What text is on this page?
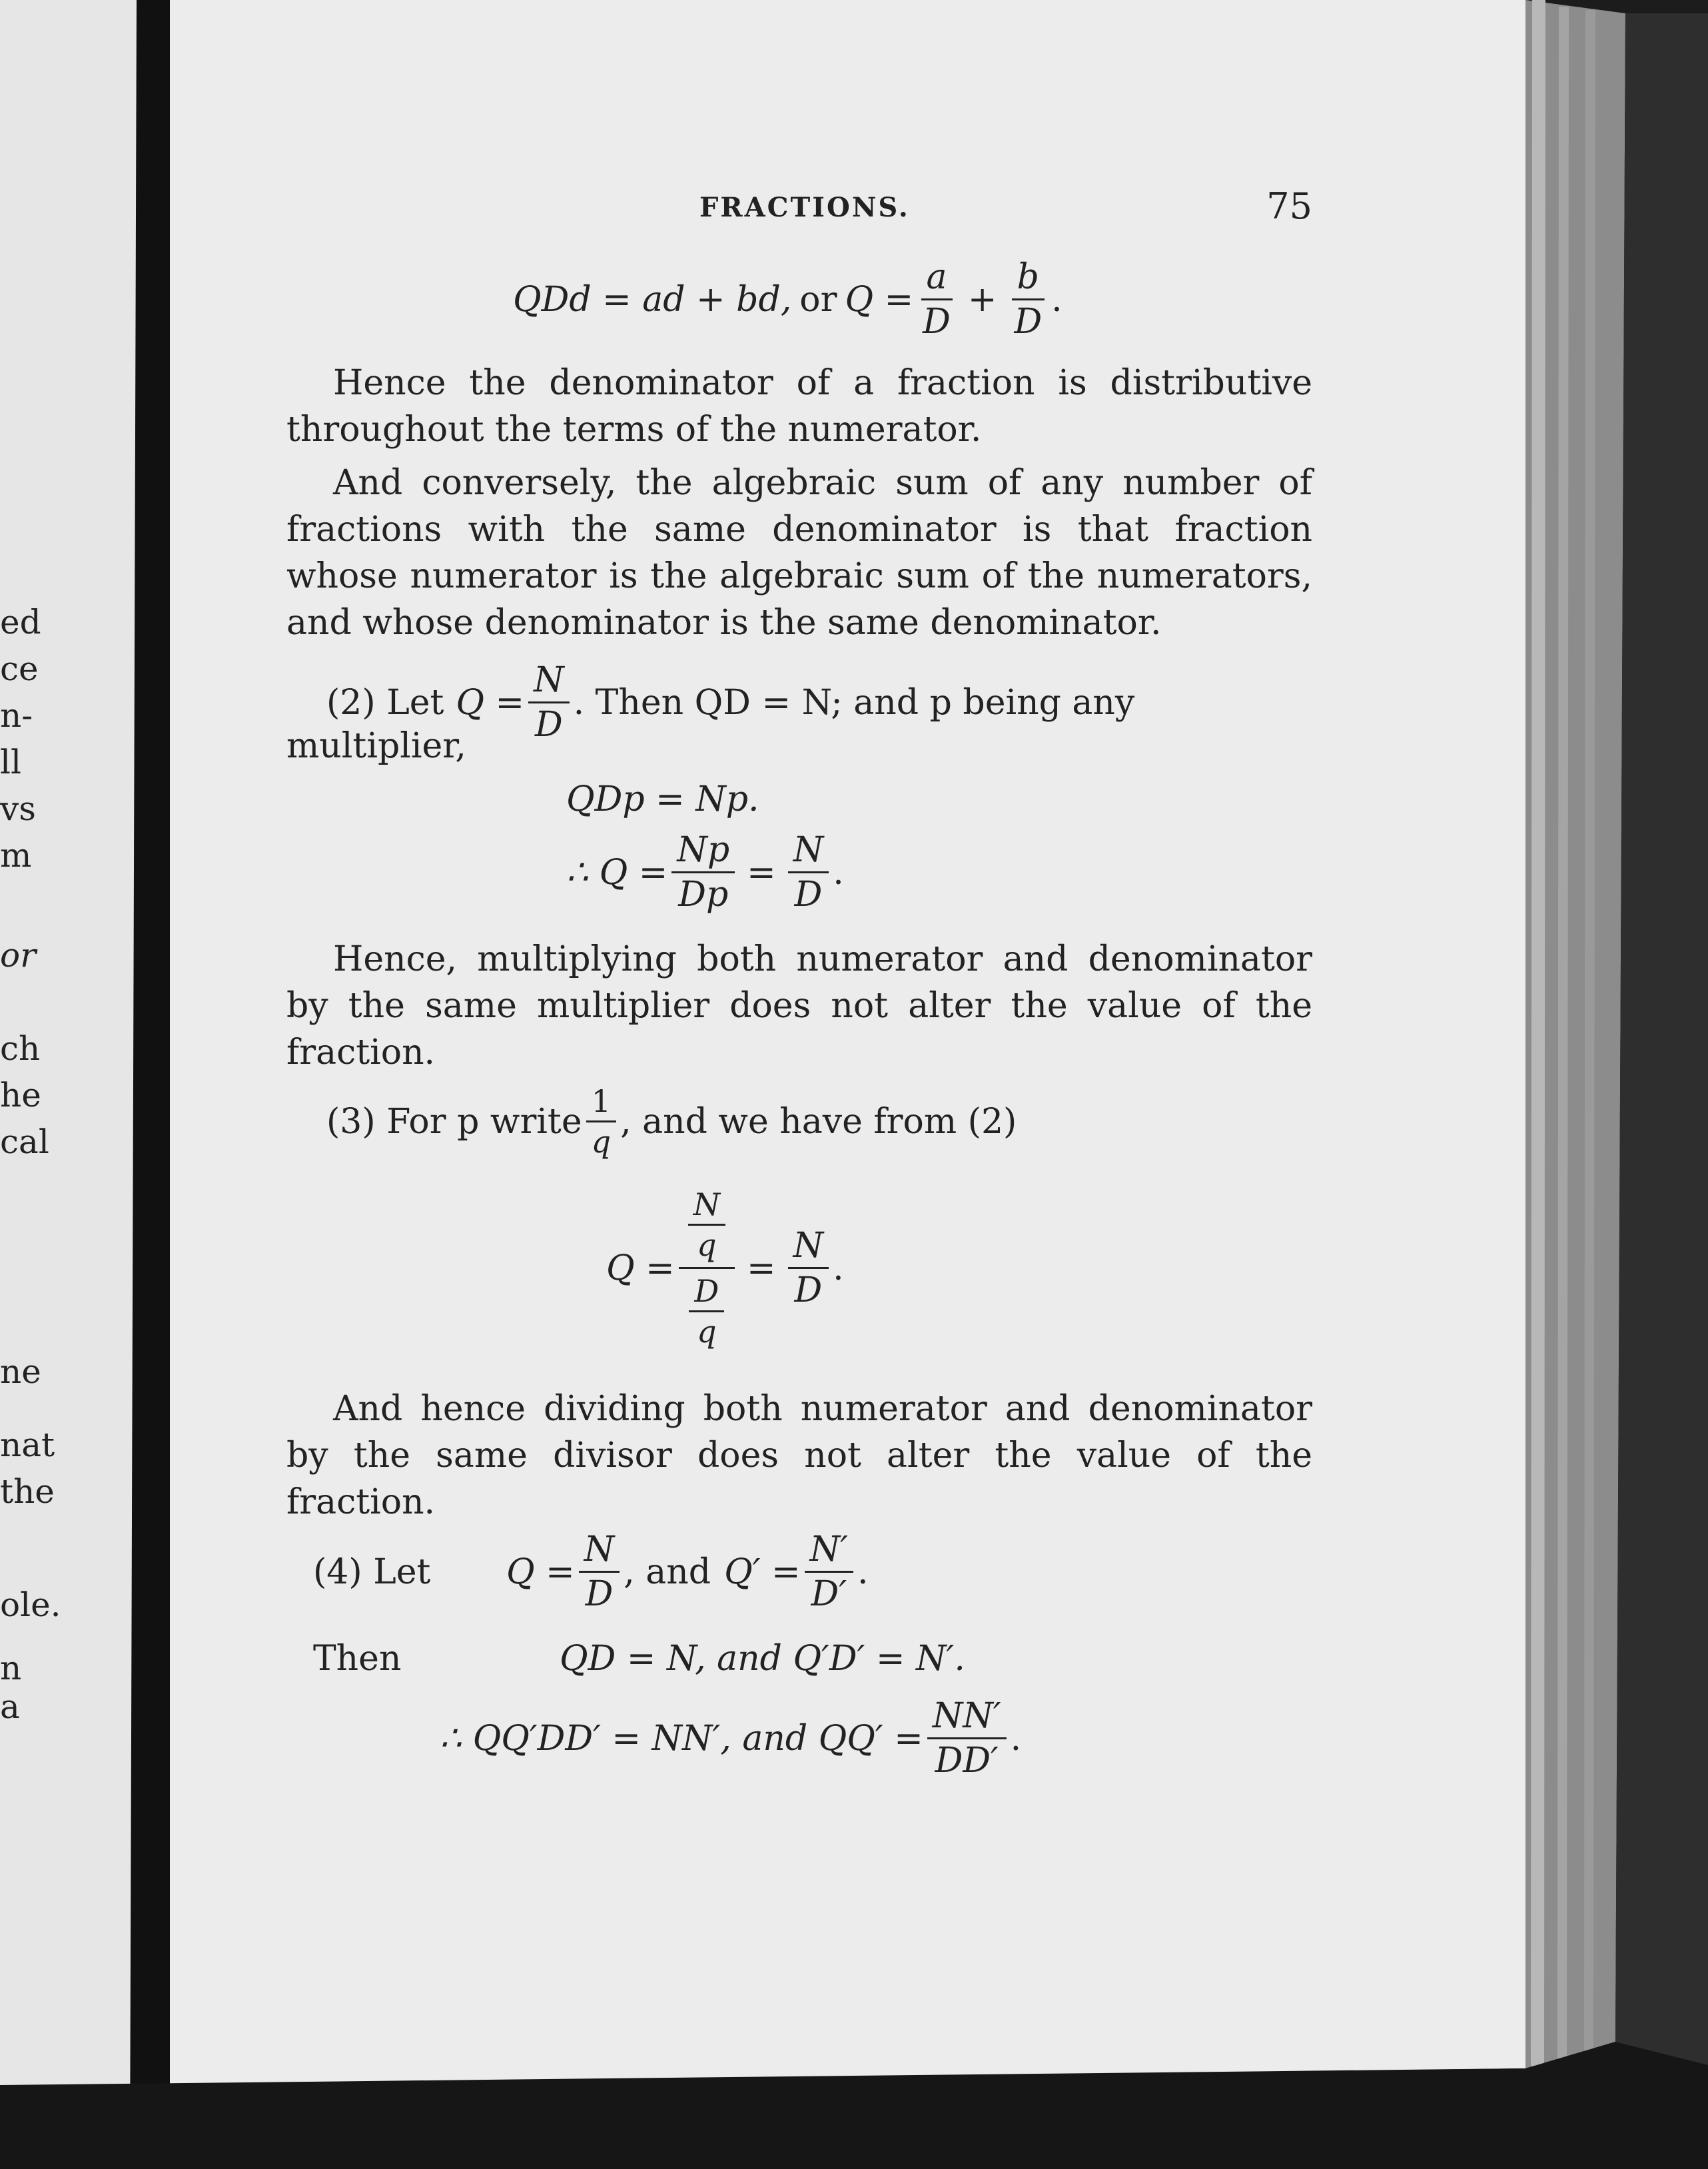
ed
ce
n-
ll
vs
m
or
ch
he
cal
ne
nat
the
ole.
n a
FRACTIONS.	75
QDd = ad + bd, or $Q = \frac{a}{D} + \frac{b}{D}$ .

Hence the denominator of a fraction is distributive throughout the terms of the numerator.

And conversely, the algebraic sum of any number of fractions with the same denominator is that fraction whose numerator is the algebraic sum of the numerators, and whose denominator is the same denominator.

(2) Let $Q = \frac{N}{D}$ . Then QD = N; and p being any
multiplier,
QDp = Np.
∴ $Q = \frac{Np}{Dp} = \frac{N}{D}$ .

Hence, multiplying both numerator and denominator by the same multiplier does not alter the value of the fraction.

(3) For p write $\frac{1}{q}$ , and we have from (2)
$Q = \frac{\frac{N}{q}}{\frac{D}{q}} = \frac{N}{D}$ .

And hence dividing both numerator and denominator by the same divisor does not alter the value of the fraction.

(4) Let	$Q = \frac{N}{D}$ , and $Q' = \frac{N'}{D'}$ .
Then	QD = N, and Q′D′ = N′.
∴ QQ′DD′ = NN′, and $QQ' = \frac{NN'}{DD'}$ .
